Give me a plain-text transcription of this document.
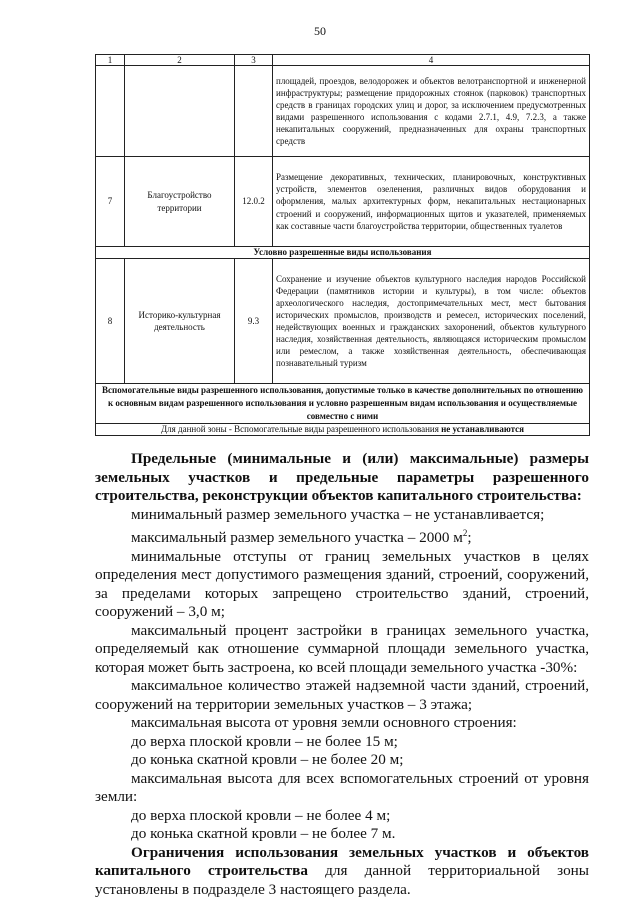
50
1	2	3	4
			площадей, проездов, велодорожек и объектов велотранспортной и инженерной инфраструктуры; размещение придорожных стоянок (парковок) транспортных средств в границах городских улиц и дорог, за исключением предусмотренных видами разрешенного использования с кодами 2.7.1, 4.9, 7.2.3, а также некапитальных сооружений, предназначенных для охраны транспортных средств
7	Благоустройство территории	12.0.2	Размещение декоративных, технических, планировочных, конструктивных устройств, элементов озеленения, различных видов оборудования и оформления, малых архитектурных форм, некапитальных нестационарных строений и сооружений, информационных щитов и указателей, применяемых как составные части благоустройства территории, общественных туалетов
Условно разрешенные виды использования			
8	Историко-культурная деятельность	9.3	Сохранение и изучение объектов культурного наследия народов Российской Федерации (памятников истории и культуры), в том числе: объектов археологического наследия, достопримечательных мест, мест бытования исторических промыслов, производств и ремесел, исторических поселений, недействующих военных и гражданских захоронений, объектов культурного наследия, хозяйственная деятельность, являющаяся историческим промыслом или ремеслом, а также хозяйственная деятельность, обеспечивающая познавательный туризм
Вспомогательные виды разрешенного использования, допустимые только в качестве дополнительных по отношению к основным видам разрешенного использования и условно разрешенным видам использования и осуществляемые совместно с ними			
Для данной зоны - Вспомогательные виды разрешенного использования не устанавливаются			

Предельные (минимальные и (или) максимальные) размеры земельных участков и предельные параметры разрешенного строительства, реконструкции объектов капитального строительства:

минимальный размер земельного участка – не устанавливается;

максимальный размер земельного участка – 2000 $м^2$;

минимальные отступы от границ земельных участков в целях

определения мест допустимого размещения зданий, строений, сооружений,

за пределами которых запрещено строительство зданий, строений,

сооружений – 3,0 м;

максимальный процент застройки в границах земельного участка, определяемый как отношение суммарной площади земельного участка, которая может быть застроена, ко всей площади земельного участка -30%:

максимальное количество этажей надземной части зданий, строений, сооружений на территории земельных участков – 3 этажа;

максимальная высота от уровня земли основного строения:

до верха плоской кровли – не более 15 м;

до конька скатной кровли – не более 20 м;

максимальная высота для всех вспомогательных строений от уровня земли:

до верха плоской кровли – не более 4 м;

до конька скатной кровли – не более 7 м.

Ограничения использования земельных участков и объектов капитального строительства для данной территориальной зоны установлены в подразделе 3 настоящего раздела.
